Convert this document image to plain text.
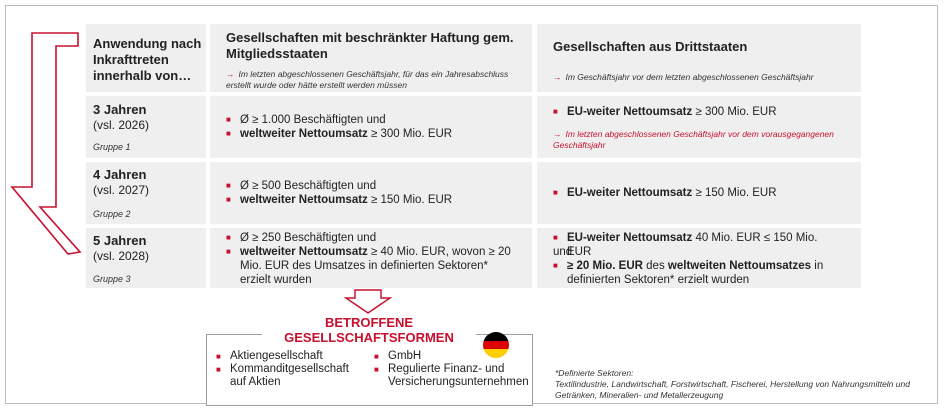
Anwendung nach Inkrafttreten innerhalb von…
Gesellschaften mit beschränkter Haftung gem. Mitgliedsstaaten
→ Im letzten abgeschlossenen Geschäftsjahr, für das ein Jahresabschluss erstellt wurde oder hätte erstellt werden müssen
Gesellschaften aus Drittstaaten
→ Im Geschäftsjahr vor dem letzten abgeschlossenen Geschäftsjahr
3 Jahren
(vsl. 2026)
Gruppe 1
■ Ø ≥ 1.000 Beschäftigten und
■ weltweiter Nettoumsatz ≥ 300 Mio. EUR
■ EU-weiter Nettoumsatz ≥ 300 Mio. EUR
→ Im letzten abgeschlossenen Geschäftsjahr vor dem vorausgegangenen Geschäftsjahr
4 Jahren
(vsl. 2027)
Gruppe 2
■ Ø ≥ 500 Beschäftigten und
■ weltweiter Nettoumsatz ≥ 150 Mio. EUR
■ EU-weiter Nettoumsatz ≥ 150 Mio. EUR
5 Jahren
(vsl. 2028)
Gruppe 3
■ Ø ≥ 250 Beschäftigten und
■ weltweiter Nettoumsatz ≥ 40 Mio. EUR, wovon ≥ 20 Mio. EUR des Umsatzes in definierten Sektoren* erzielt wurden
■ EU-weiter Nettoumsatz 40 Mio. EUR ≤ 150 Mio. EUR
und
■ ≥ 20 Mio. EUR des weltweiten Nettoumsatzes in definierten Sektoren* erzielt wurden
BETROFFENE
GESELLSCHAFTSFORMEN
■ Aktiengesellschaft
■ Kommanditgesellschaft auf Aktien
■ GmbH
■ Regulierte Finanz- und Versicherungsunternehmen
*Definierte Sektoren:
Textilindustrie, Landwirtschaft, Forstwirtschaft, Fischerei, Herstellung von Nahrungsmitteln und Getränken, Mineralien- und Metallerzeugung
